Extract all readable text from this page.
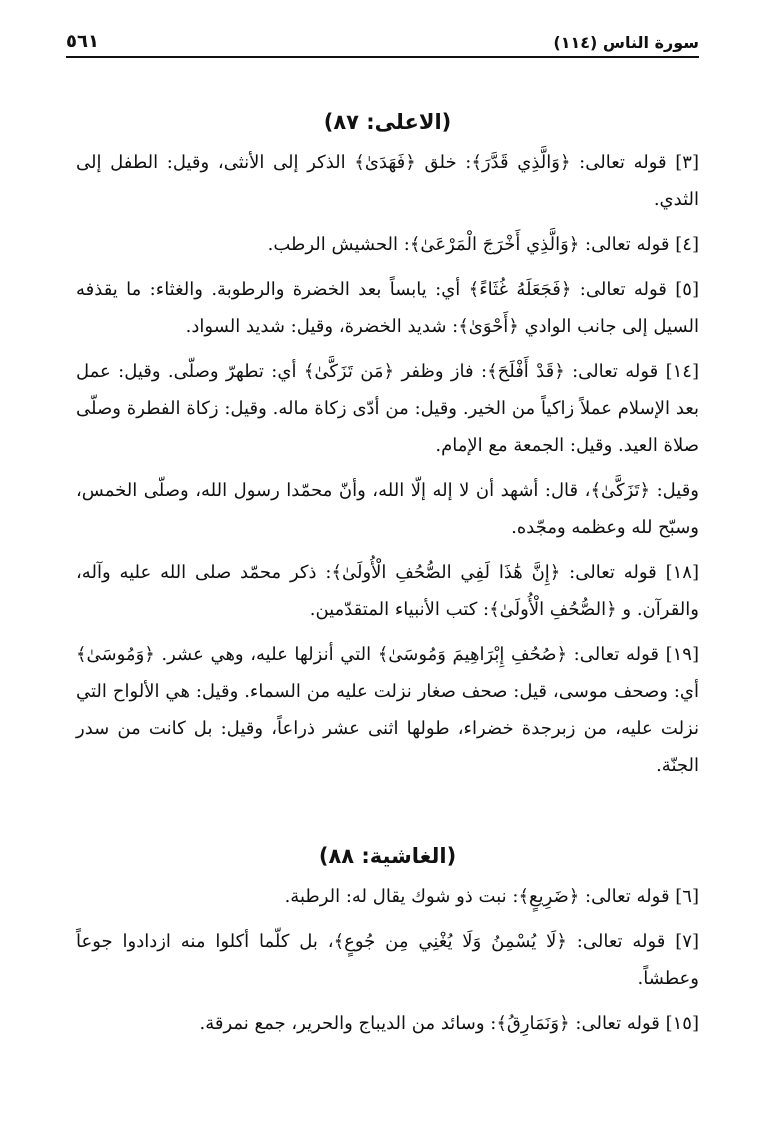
سورة الناس (١١٤)
٥٦١
(الاعلى: ٨٧)

[٣] قوله تعالى: ﴿وَالَّذِي قَدَّرَ﴾: خلق ﴿فَهَدَىٰ﴾ الذكر إلى الأنثى، وقيل: الطفل إلى الثدي.

[٤] قوله تعالى: ﴿وَالَّذِي أَخْرَجَ الْمَرْعَىٰ﴾: الحشيش الرطب.

[٥] قوله تعالى: ﴿فَجَعَلَهُ غُثَاءً﴾ أي: يابساً بعد الخضرة والرطوبة. والغثاء: ما يقذفه السيل إلى جانب الوادي ﴿أَحْوَىٰ﴾: شديد الخضرة، وقيل: شديد السواد.

[١٤] قوله تعالى: ﴿قَدْ أَفْلَحَ﴾: فاز وظفر ﴿مَن تَزَكَّىٰ﴾ أي: تطهرّ وصلّى. وقيل: عمل بعد الإسلام عملاً زاكياً من الخير. وقيل: من أدّى زكاة ماله. وقيل: زكاة الفطرة وصلّى صلاة العيد. وقيل: الجمعة مع الإمام.

وقيل: ﴿تَزَكَّىٰ﴾، قال: أشهد أن لا إله إلّا الله، وأنّ محمّدا رسول الله، وصلّى الخمس، وسبّح لله وعظمه ومجّده.

[١٨] قوله تعالى: ﴿إِنَّ هَٰذَا لَفِي الصُّحُفِ الْأُولَىٰ﴾: ذكر محمّد صلى الله عليه وآله، والقرآن. و ﴿الصُّحُفِ الْأُولَىٰ﴾: كتب الأنبياء المتقدّمين.

[١٩] قوله تعالى: ﴿صُحُفِ إِبْرَاهِيمَ وَمُوسَىٰ﴾ التي أنزلها عليه، وهي عشر. ﴿وَمُوسَىٰ﴾ أي: وصحف موسى، قيل: صحف صغار نزلت عليه من السماء. وقيل: هي الألواح التي نزلت عليه، من زبرجدة خضراء، طولها اثنى عشر ذراعاً، وقيل: بل كانت من سدر الجنّة.

(الغاشية: ٨٨)

[٦] قوله تعالى: ﴿ضَرِيعٍ﴾: نبت ذو شوك يقال له: الرطبة.

[٧] قوله تعالى: ﴿لَا يُسْمِنُ وَلَا يُغْنِي مِن جُوعٍ﴾، بل كلّما أكلوا منه ازدادوا جوعاً وعطشاً.

[١٥] قوله تعالى: ﴿وَنَمَارِقُ﴾: وسائد من الديباج والحرير، جمع نمرقة.
